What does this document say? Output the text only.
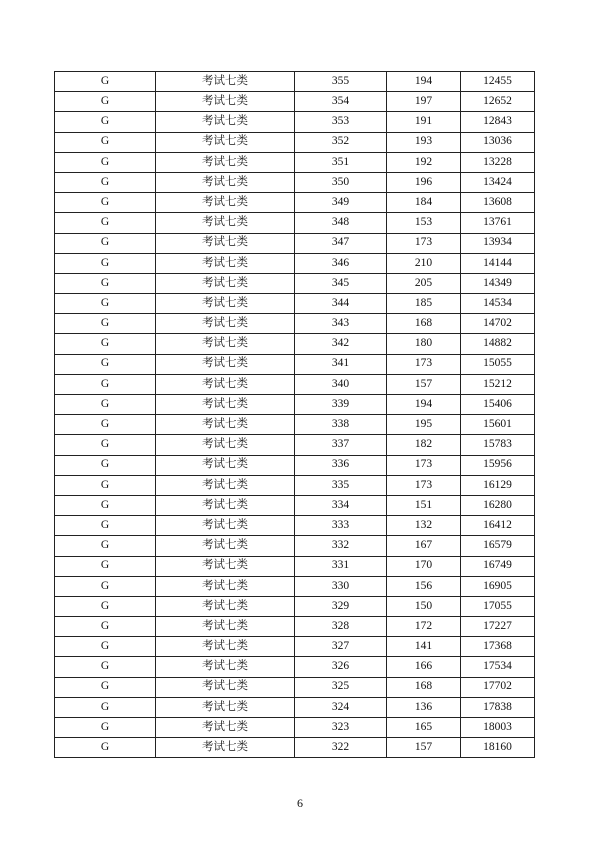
G	考试七类	355	194	12455
G	考试七类	354	197	12652
G	考试七类	353	191	12843
G	考试七类	352	193	13036
G	考试七类	351	192	13228
G	考试七类	350	196	13424
G	考试七类	349	184	13608
G	考试七类	348	153	13761
G	考试七类	347	173	13934
G	考试七类	346	210	14144
G	考试七类	345	205	14349
G	考试七类	344	185	14534
G	考试七类	343	168	14702
G	考试七类	342	180	14882
G	考试七类	341	173	15055
G	考试七类	340	157	15212
G	考试七类	339	194	15406
G	考试七类	338	195	15601
G	考试七类	337	182	15783
G	考试七类	336	173	15956
G	考试七类	335	173	16129
G	考试七类	334	151	16280
G	考试七类	333	132	16412
G	考试七类	332	167	16579
G	考试七类	331	170	16749
G	考试七类	330	156	16905
G	考试七类	329	150	17055
G	考试七类	328	172	17227
G	考试七类	327	141	17368
G	考试七类	326	166	17534
G	考试七类	325	168	17702
G	考试七类	324	136	17838
G	考试七类	323	165	18003
G	考试七类	322	157	18160
6
